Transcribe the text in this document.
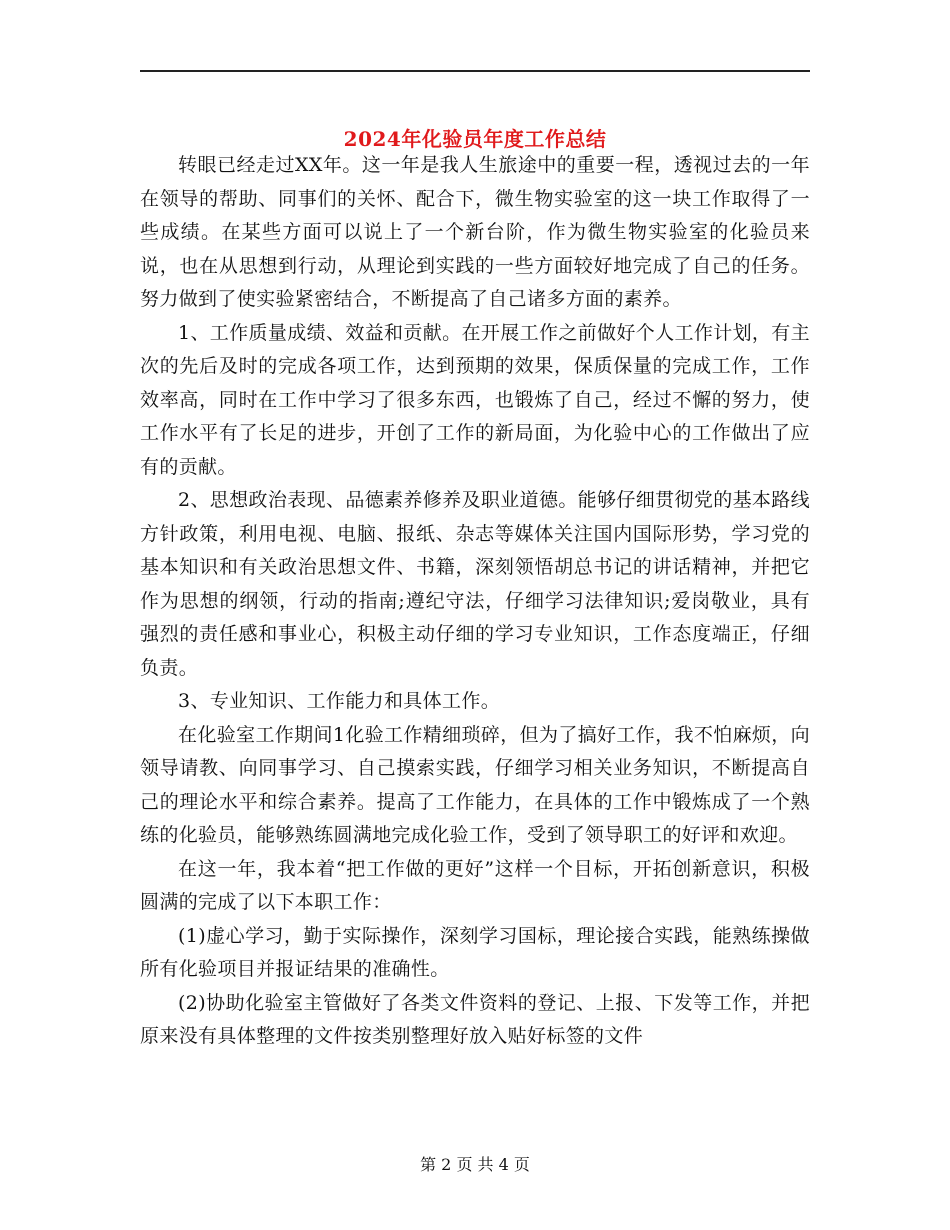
2024年化验员年度工作总结

转眼已经走过XX年。这一年是我人生旅途中的重要一程，透视过去的一年在领导的帮助、同事们的关怀、配合下，微生物实验室的这一块工作取得了一些成绩。在某些方面可以说上了一个新台阶，作为微生物实验室的化验员来说，也在从思想到行动，从理论到实践的一些方面较好地完成了自己的任务。努力做到了使实验紧密结合，不断提高了自己诸多方面的素养。

1、工作质量成绩、效益和贡献。在开展工作之前做好个人工作计划，有主次的先后及时的完成各项工作，达到预期的效果，保质保量的完成工作，工作效率高，同时在工作中学习了很多东西，也锻炼了自己，经过不懈的努力，使工作水平有了长足的进步，开创了工作的新局面，为化验中心的工作做出了应有的贡献。

2、思想政治表现、品德素养修养及职业道德。能够仔细贯彻党的基本路线方针政策，利用电视、电脑、报纸、杂志等媒体关注国内国际形势，学习党的基本知识和有关政治思想文件、书籍，深刻领悟胡总书记的讲话精神，并把它作为思想的纲领，行动的指南;遵纪守法，仔细学习法律知识;爱岗敬业，具有强烈的责任感和事业心，积极主动仔细的学习专业知识，工作态度端正，仔细负责。

3、专业知识、工作能力和具体工作。

在化验室工作期间1化验工作精细琐碎，但为了搞好工作，我不怕麻烦，向领导请教、向同事学习、自己摸索实践，仔细学习相关业务知识，不断提高自己的理论水平和综合素养。提高了工作能力，在具体的工作中锻炼成了一个熟练的化验员，能够熟练圆满地完成化验工作，受到了领导职工的好评和欢迎。

在这一年，我本着“把工作做的更好”这样一个目标，开拓创新意识，积极圆满的完成了以下本职工作：

(1)虚心学习，勤于实际操作，深刻学习国标，理论接合实践，能熟练操做所有化验项目并报证结果的准确性。

(2)协助化验室主管做好了各类文件资料的登记、上报、下发等工作，并把原来没有具体整理的文件按类别整理好放入贴好标签的文件

第 2 页 共 4 页
